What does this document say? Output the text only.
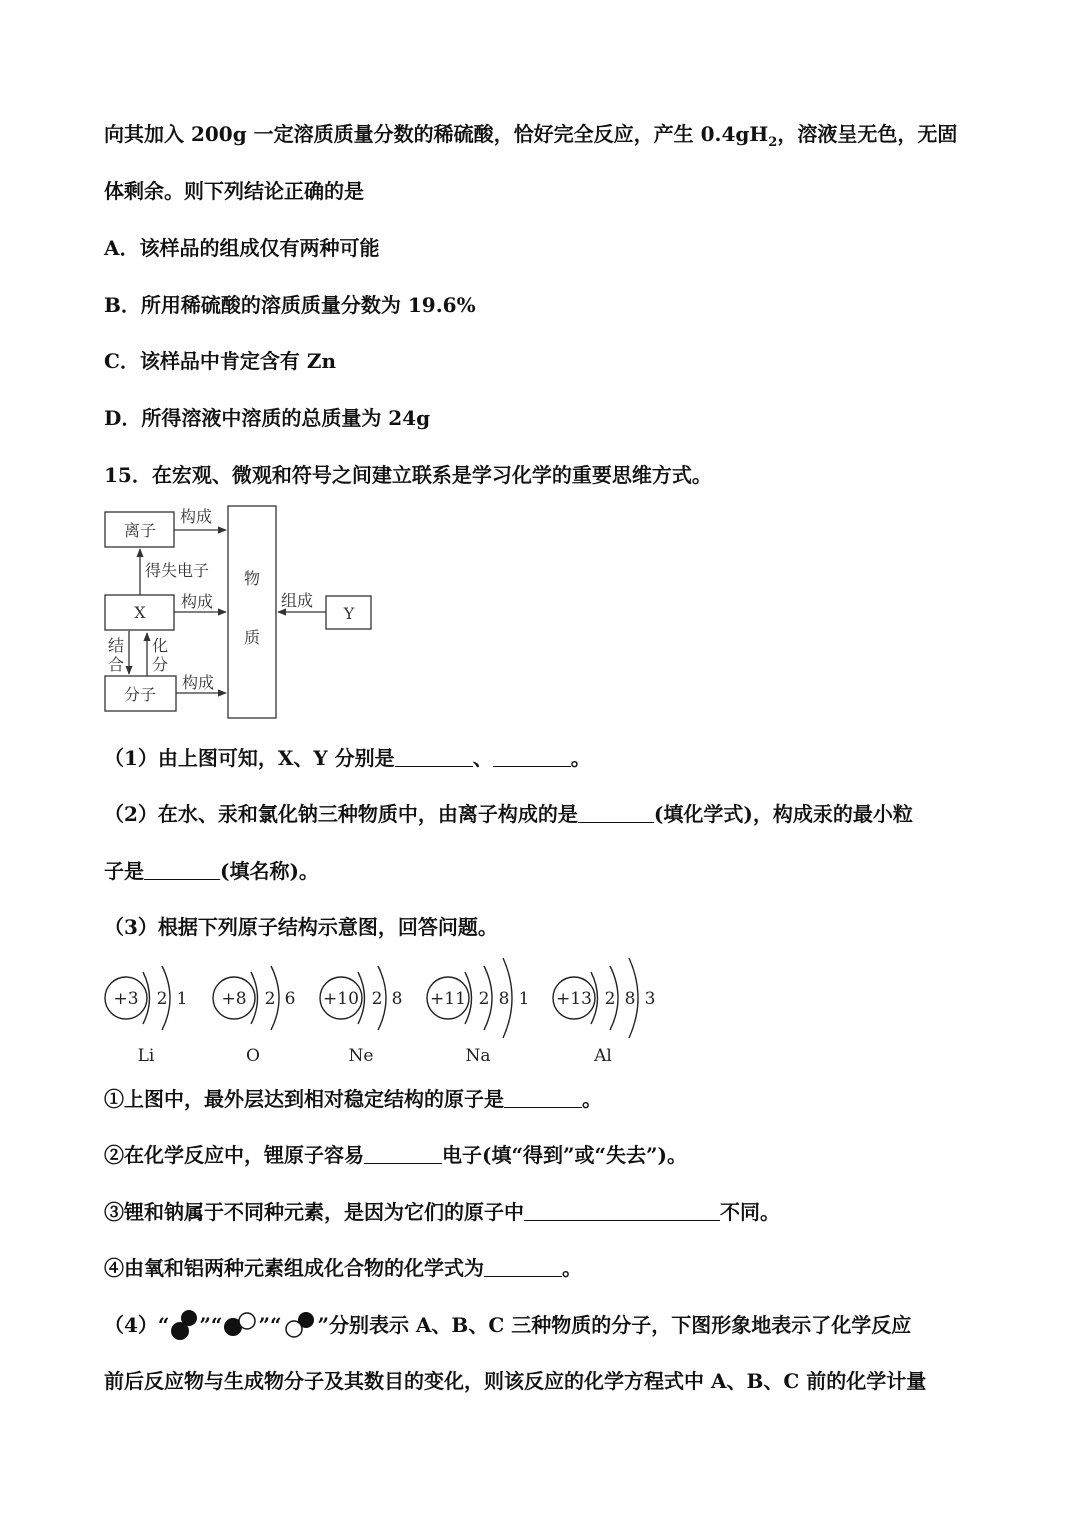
向其加入 200g 一定溶质质量分数的稀硫酸，恰好完全反应，产生 $0.4gH_2$，溶液呈无色，无固
体剩余。则下列结论正确的是
A．该样品的组成仅有两种可能
B．所用稀硫酸的溶质质量分数为 19.6%
C．该样品中肯定含有 Zn
D．所得溶液中溶质的总质量为 24g
15．在宏观、微观和符号之间建立联系是学习化学的重要思维方式。
离子
X
分子
物
质
Y
构成
构成
构成
得失电子
组成
结
合
化
分
（1）由上图可知，X、Y 分别是	、	。
（2）在水、汞和氯化钠三种物质中，由离子构成的是	(填化学式)，构成汞的最小粒
子是	(填名称)。
（3）根据下列原子结构示意图，回答问题。
+3 2 1
Li
+8 2 6
O
+10 2 8
Ne
+11 2 8 1
Na
+13 2 8 3
Al
①上图中，最外层达到相对稳定结构的原子是	。
②在化学反应中，锂原子容易	电子(填“得到”或“失去”)。
③锂和钠属于不同种元素，是因为它们的原子中	不同。
④由氧和铝两种元素组成化合物的化学式为	。
（4）“ ”“ ”“ ”分别表示 A、B、C 三种物质的分子，下图形象地表示了化学反应
前后反应物与生成物分子及其数目的变化，则该反应的化学方程式中 A、B、C 前的化学计量
